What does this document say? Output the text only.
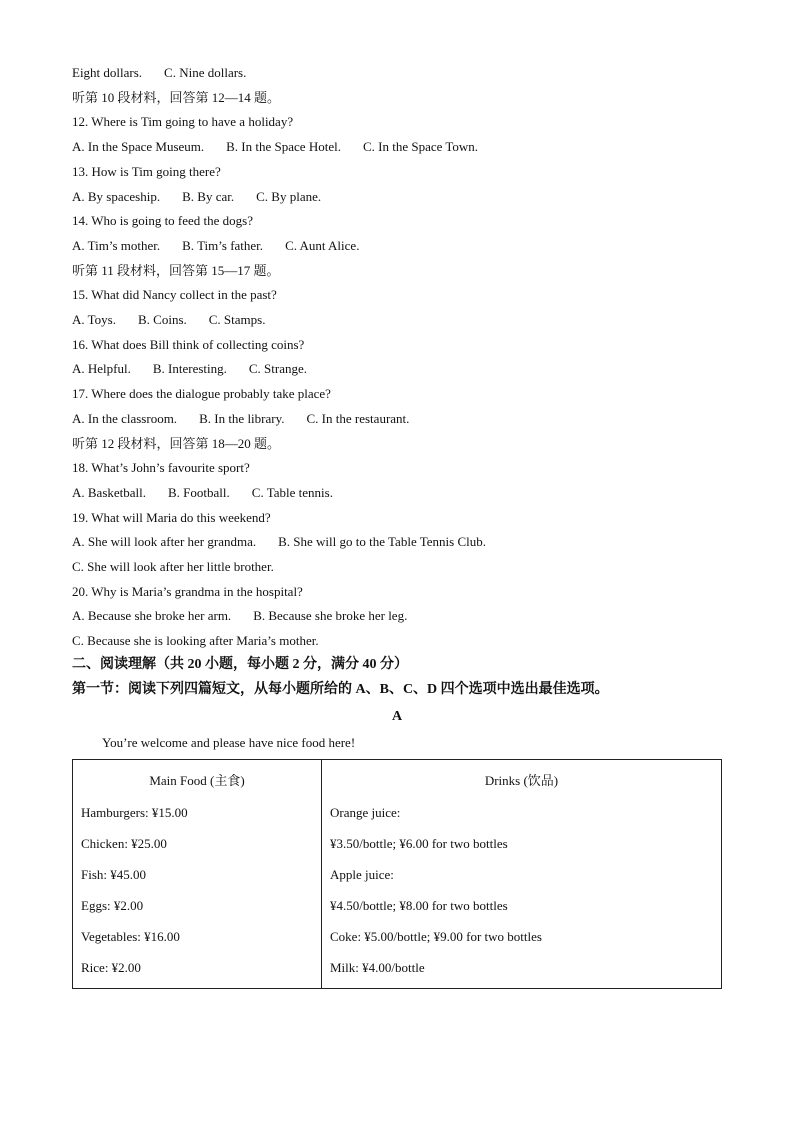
Eight dollars. C. Nine dollars.
听第 10 段材料，回答第 12—14 题。
12. Where is Tim going to have a holiday?
A. In the Space Museum. B. In the Space Hotel. C. In the Space Town.
13. How is Tim going there?
A. By spaceship. B. By car. C. By plane.
14. Who is going to feed the dogs?
A. Tim’s mother. B. Tim’s father. C. Aunt Alice.
听第 11 段材料，回答第 15—17 题。
15. What did Nancy collect in the past?
A. Toys. B. Coins. C. Stamps.
16. What does Bill think of collecting coins?
A. Helpful. B. Interesting. C. Strange.
17. Where does the dialogue probably take place?
A. In the classroom. B. In the library. C. In the restaurant.
听第 12 段材料，回答第 18—20 题。
18. What’s John’s favourite sport?
A. Basketball. B. Football. C. Table tennis.
19. What will Maria do this weekend?
A. She will look after her grandma. B. She will go to the Table Tennis Club.
C. She will look after her little brother.
20. Why is Maria’s grandma in the hospital?
A. Because she broke her arm. B. Because she broke her leg.
C. Because she is looking after Maria’s mother.
二、阅读理解（共 20 小题，每小题 2 分，满分 40 分）
第一节：阅读下列四篇短文，从每小题所给的 A、B、C、D 四个选项中选出最佳选项。
A
You’re welcome and please have nice food here!
Main Food (主食)
Hamburgers: ¥15.00
Chicken: ¥25.00
Fish: ¥45.00
Eggs: ¥2.00
Vegetables: ¥16.00
Rice: ¥2.00

Drinks (饮品)
Orange juice:
¥3.50/bottle; ¥6.00 for two bottles
Apple juice:
¥4.50/bottle; ¥8.00 for two bottles
Coke: ¥5.00/bottle; ¥9.00 for two bottles
Milk: ¥4.00/bottle
